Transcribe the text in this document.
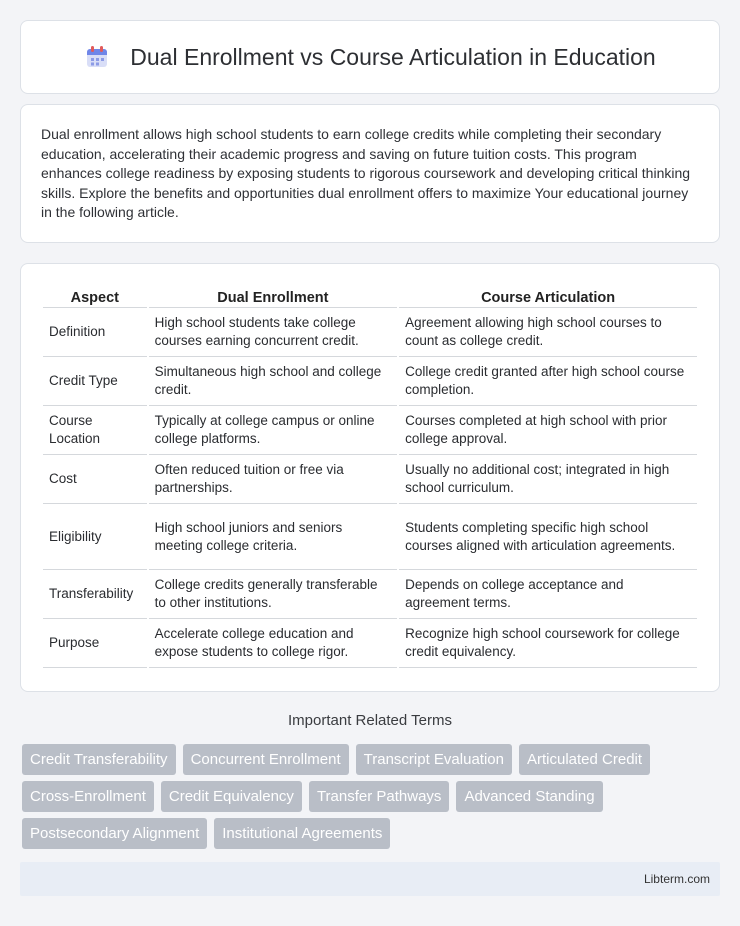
Dual Enrollment vs Course Articulation in Education

Dual enrollment allows high school students to earn college credits while completing their secondary education, accelerating their academic progress and saving on future tuition costs. This program enhances college readiness by exposing students to rigorous coursework and developing critical thinking skills. Explore the benefits and opportunities dual enrollment offers to maximize Your educational journey in the following article.

Aspect	Dual Enrollment	Course Articulation
Definition	High school students take college courses earning concurrent credit.	Agreement allowing high school courses to count as college credit.
Credit Type	Simultaneous high school and college credit.	College credit granted after high school course completion.
Course Location	Typically at college campus or online college platforms.	Courses completed at high school with prior college approval.
Cost	Often reduced tuition or free via partnerships.	Usually no additional cost; integrated in high school curriculum.
Eligibility	High school juniors and seniors meeting college criteria.	Students completing specific high school courses aligned with articulation agreements.
Transferability	College credits generally transferable to other institutions.	Depends on college acceptance and agreement terms.
Purpose	Accelerate college education and expose students to college rigor.	Recognize high school coursework for college credit equivalency.
Important Related Terms
Credit Transferability	Concurrent Enrollment	Transcript Evaluation	Articulated Credit
Cross-Enrollment	Credit Equivalency	Transfer Pathways	Advanced Standing
Postsecondary Alignment	Institutional Agreements
Libterm.com
